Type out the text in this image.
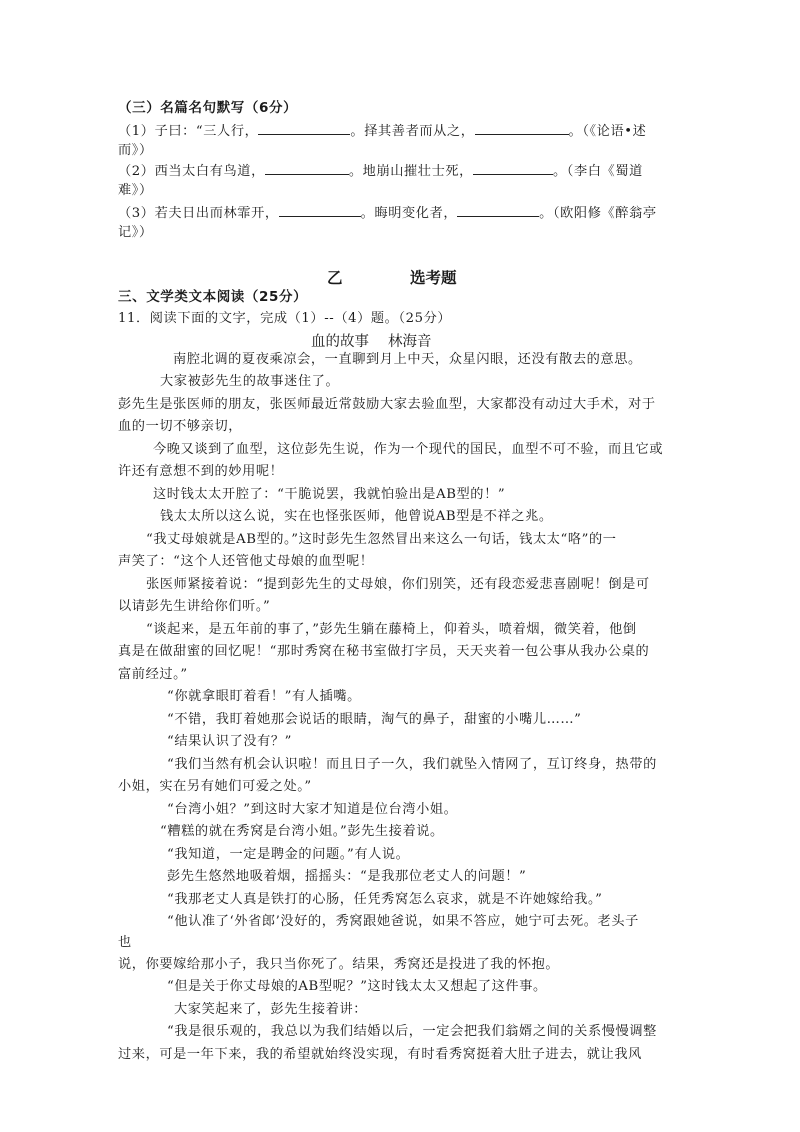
（三）名篇名句默写（6分）
（1）子曰：“三人行，	。择其善者而从之，	。（《论语•述
而》）
（2）西当太白有鸟道，	。地崩山摧壮士死，	。（李白《蜀道
难》）
（3）若夫日出而林霏开，	。晦明变化者，	。（欧阳修《醉翁亭
记》）
乙	选考题
三、文学类文本阅读（25分）
11．阅读下面的文字，完成（1）--（4）题。（25分）
血的故事 林海音
南腔北调的夏夜乘凉会，一直聊到月上中天，众星闪眼，还没有散去的意思。
大家被彭先生的故事迷住了。
彭先生是张医师的朋友，张医师最近常鼓励大家去验血型，大家都没有动过大手术，对于
血的一切不够亲切，
今晚又谈到了血型，这位彭先生说，作为一个现代的国民，血型不可不验，而且它或
许还有意想不到的妙用呢！
这时钱太太开腔了：“干脆说罢，我就怕验出是AB型的！”
钱太太所以这么说，实在也怪张医师，他曾说AB型是不祥之兆。
“我丈母娘就是AB型的。”这时彭先生忽然冒出来这么一句话，钱太太“咯”的一
声笑了：“这个人还管他丈母娘的血型呢！
张医师紧接着说：“提到彭先生的丈母娘，你们别笑，还有段恋爱悲喜剧呢！倒是可
以请彭先生讲给你们听。”
“谈起来，是五年前的事了，”彭先生躺在藤椅上，仰着头，喷着烟，微笑着，他倒
真是在做甜蜜的回忆呢！“那时秀窝在秘书室做打字员，天天夹着一包公事从我办公桌的
富前经过。”
“你就拿眼盯着看！”有人插嘴。
“不错，我盯着她那会说话的眼睛，淘气的鼻子，甜蜜的小嘴儿……”
“结果认识了没有？”
“我们当然有机会认识啦！而且日子一久，我们就坠入情网了，互订终身，热带的
小姐，实在另有她们可爱之处。”
“台湾小姐？”到这时大家才知道是位台湾小姐。
“糟糕的就在秀窝是台湾小姐。”彭先生接着说。
“我知道，一定是聘金的问题。”有人说。
彭先生悠然地吸着烟，摇摇头：“是我那位老丈人的问题！”
“我那老丈人真是铁打的心肠，任凭秀窝怎么哀求，就是不许她嫁给我。”
“他认准了‘外省郎’没好的，秀窝跟她爸说，如果不答应，她宁可去死。老头子
也
说，你要嫁给那小子，我只当你死了。结果，秀窝还是投进了我的怀抱。
“但是关于你丈母娘的AB型呢？”这时钱太太又想起了这件事。
大家笑起来了，彭先生接着讲：
“我是很乐观的，我总以为我们结婚以后，一定会把我们翁婿之间的关系慢慢调整
过来，可是一年下来，我的希望就始终没实现，有时看秀窝挺着大肚子进去，就让我风
